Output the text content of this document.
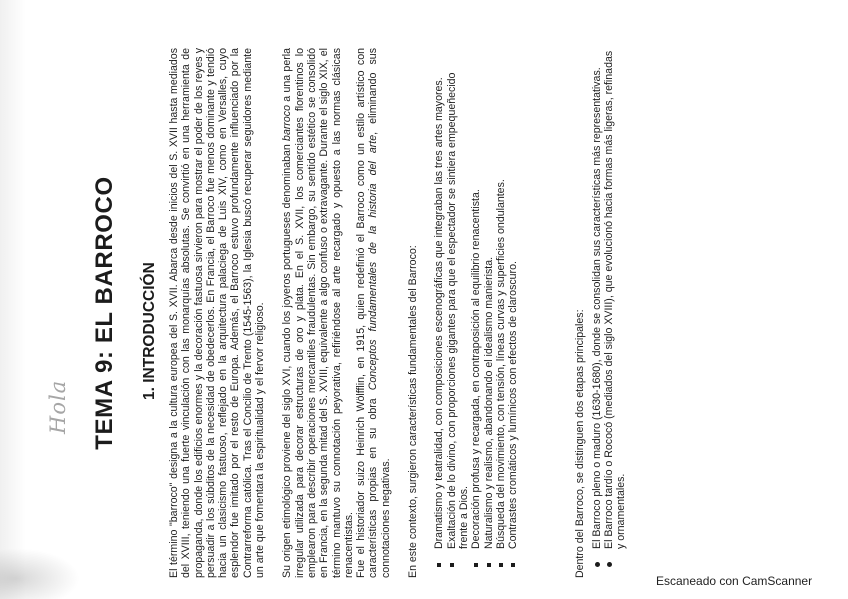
Hola TEMA 9: EL BARROCO 1. INTRODUCCIÓN El término "barroco" designa a la cultura europea del S. XVII. Abarca desde inicios del S. XVII hasta mediados del XVIII, teniendo una fuerte vinculación con las monarquías absolutas. Se convirtió en una herramienta de propaganda, donde los edificios enormes y la decoración fastuosa sirvieron para mostrar el poder de los reyes y persuadir a los súbditos de la necesidad de obedecerlos. En Francia, el Barroco fue menos dominante y tendió hacia un clasicismo fastuoso, reflejado en la arquitectura palaciega de Luis XIV, como en Versalles, cuyo esplendor fue imitado por el resto de Europa. Además, el Barroco estuvo profundamente influenciado por la Contrarreforma católica. Tras el Concilio de Trento (1545-1563), la Iglesia buscó recuperar seguidores mediante un arte que fomentara la espiritualidad y el fervor religioso. Su origen etimológico proviene del siglo XVI, cuando los joyeros portugueses denominaban barroco a una perla irregular utilizada para decorar estructuras de oro y plata. En el S. XVII, los comerciantes florentinos lo emplearon para describir operaciones mercantiles fraudulentas. Sin embargo, su sentido estético se consolidó en Francia, en la segunda mitad del S. XVIII, equivalente a algo confuso o extravagante. Durante el siglo XIX, el término mantuvo su connotación peyorativa, refiriéndose al arte recargado y opuesto a las normas clásicas renacentistas. Fue el historiador suizo Heinrich Wölfflin, en 1915, quien redefinió el Barroco como un estilo artístico con características propias en su obra Conceptos fundamentales de la historia del arte, eliminando sus connotaciones negativas. En este contexto, surgieron características fundamentales del Barroco: Dramatismo y teatralidad, con composiciones escenográficas que integraban las tres artes mayores. Exaltación de lo divino, con proporciones gigantes para que el espectador se sintiera empequeñecido frente a Dios. Decoración profusa y recargada, en contraposición al equilibrio renacentista. Naturalismo y realismo, abandonando el idealismo manierista. Búsqueda del movimiento, con tensión, líneas curvas y superficies ondulantes. Contrastes cromáticos y lumínicos con efectos de claroscuro.	Dentro del Barroco, se distinguen dos etapas principales: El Barroco pleno o maduro (1630-1680), donde se consolidan sus características más representativas. El Barroco tardío o Rococó (mediados del siglo XVIII), que evolucionó hacia formas más ligeras, refinadas y ornamentales.
Escaneado con CamScanner
